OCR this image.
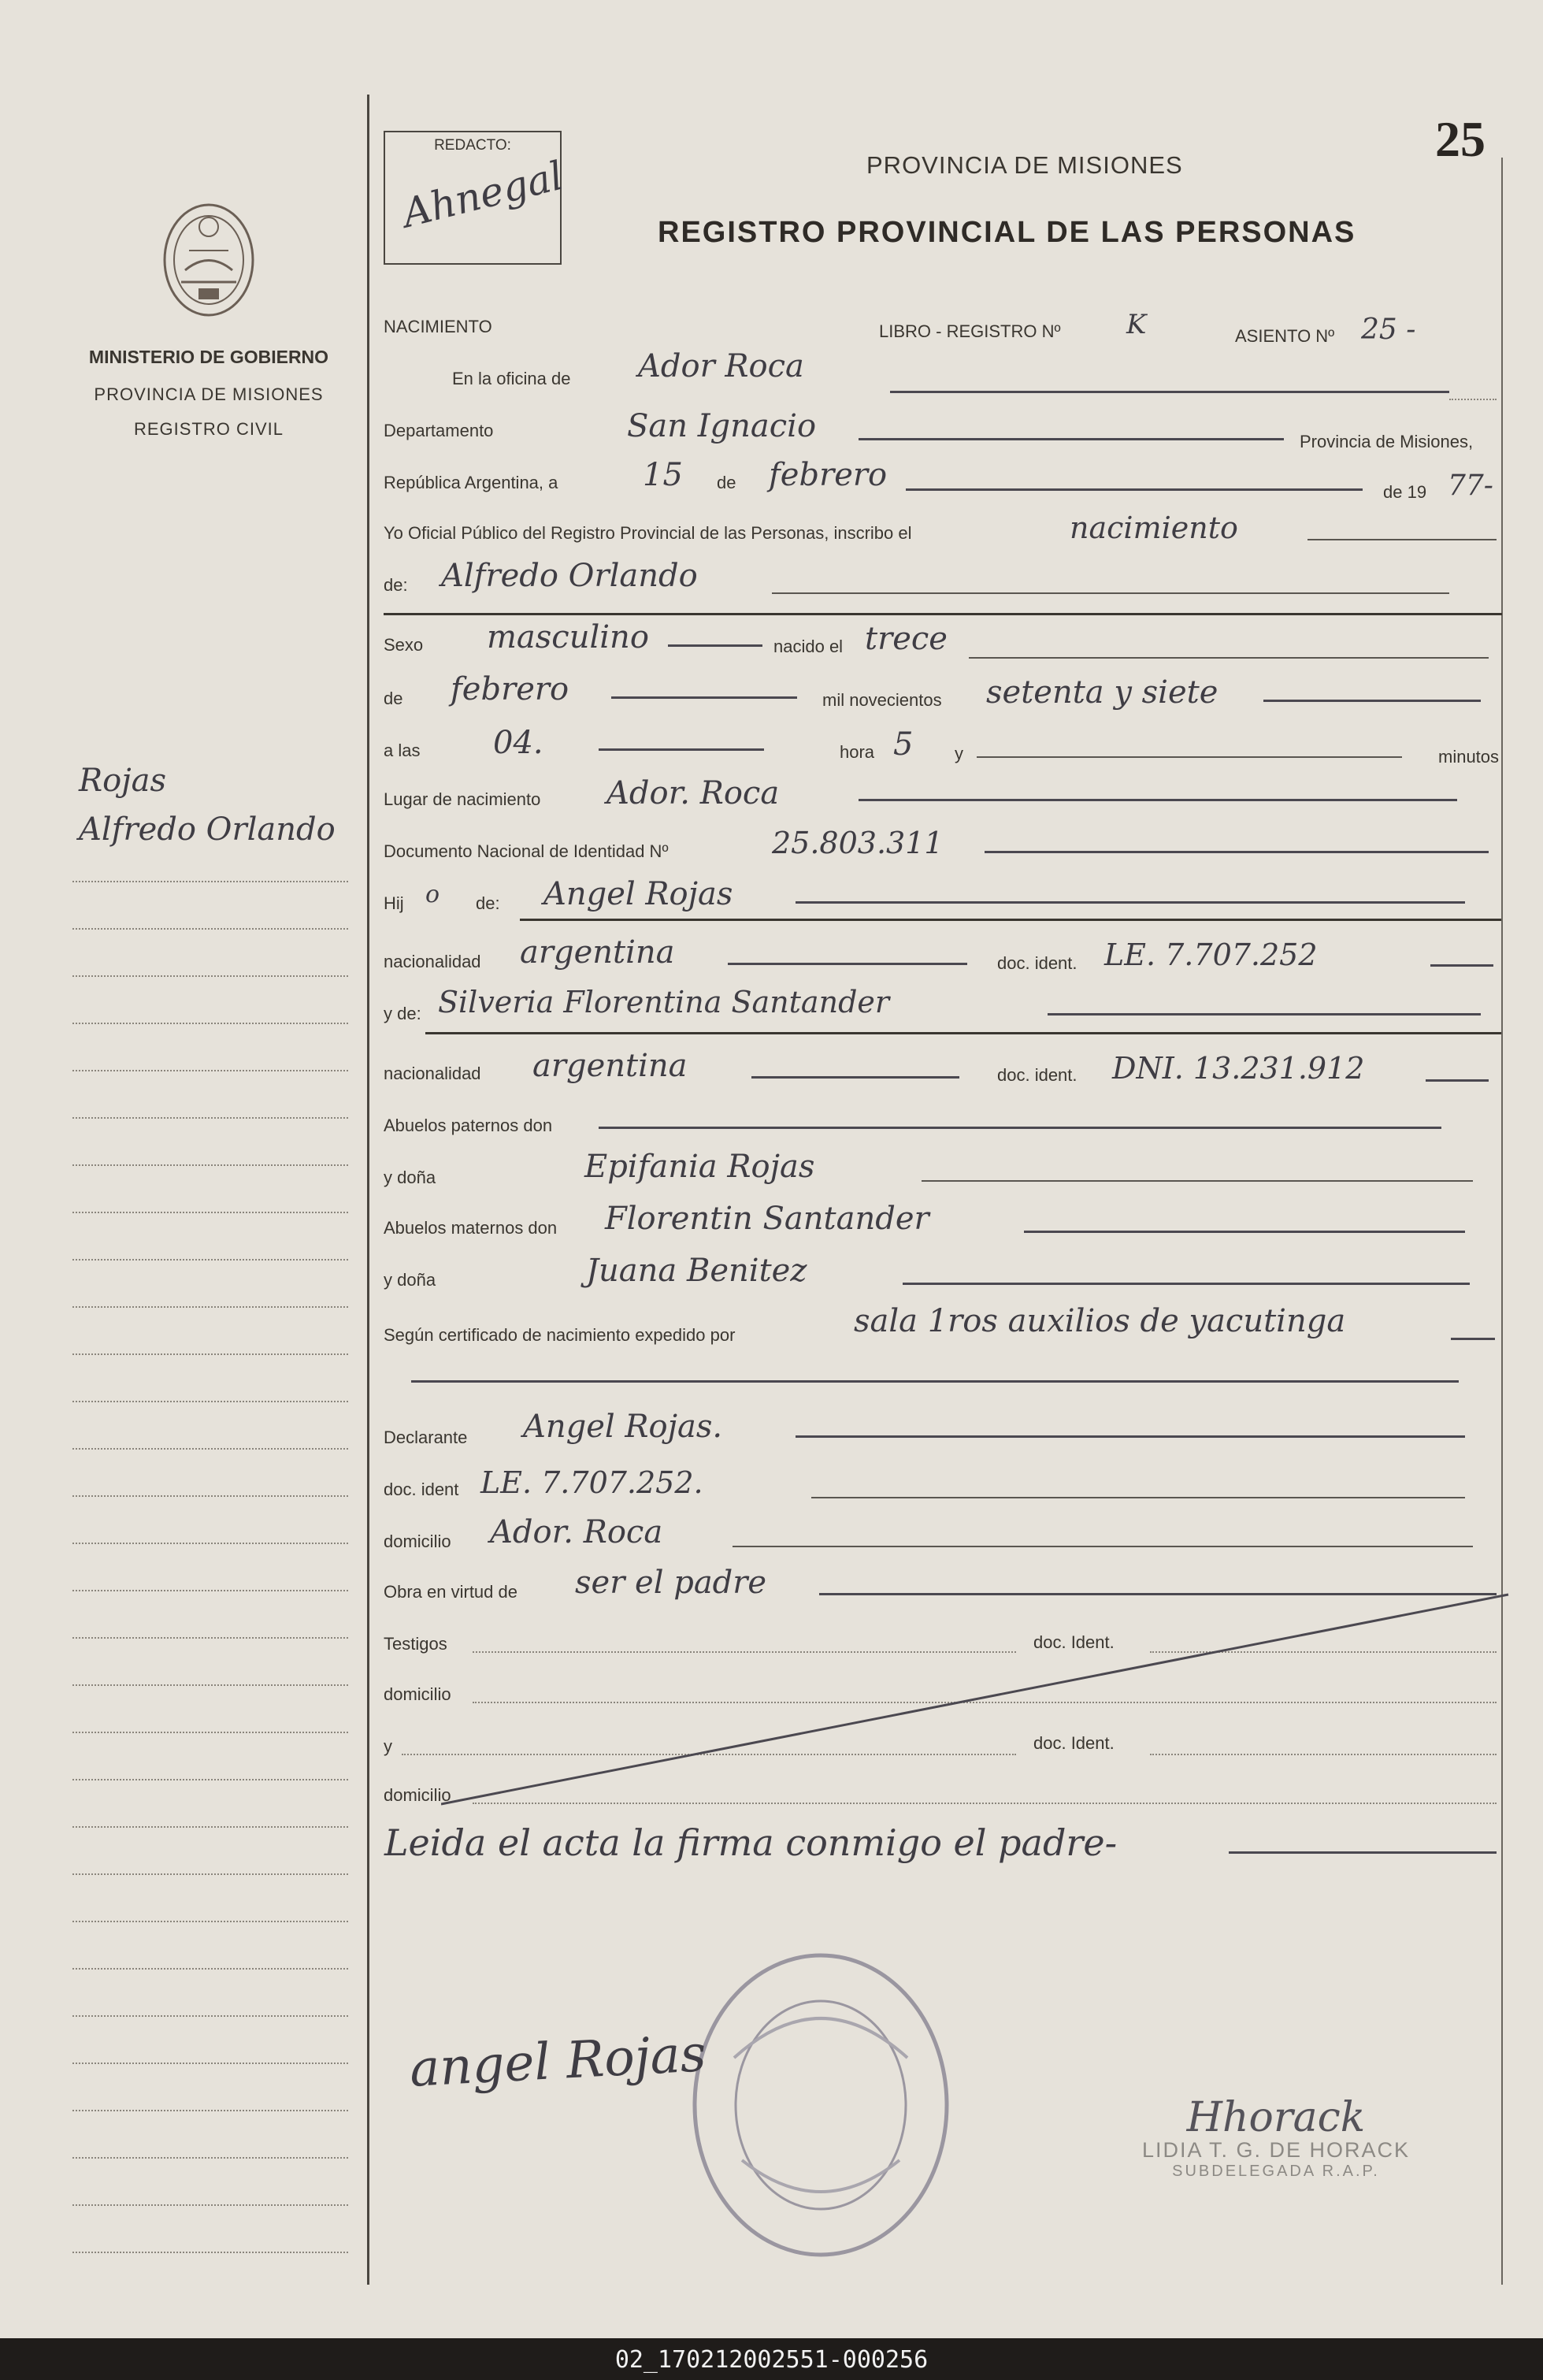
25
REDACTO:
Ahnegal	PROVINCIA DE MISIONES
REGISTRO PROVINCIAL DE LAS PERSONAS
MINISTERIO DE GOBIERNO
PROVINCIA DE MISIONES
REGISTRO CIVIL
Rojas
Alfredo Orlando
NACIMIENTO	LIBRO - REGISTRO Nº K	ASIENTO Nº 25 -
En la oficina de Ador Roca
Departamento	San Ignacio	Provincia de Misiones,
República Argentina, a	15 de febrero	de 19 77-
Yo Oficial Público del Registro Provincial de las Personas, inscribo el	nacimiento
de: Alfredo Orlando
Sexo masculino	nacido el trece
de febrero	mil novecientos setenta y siete
a las 04.	hora 5 y	minutos
Lugar de nacimiento Ador. Roca
Documento Nacional de Identidad Nº	25.803.311
Hij o de: Angel Rojas
nacionalidad argentina	doc. ident. LE. 7.707.252
y de: Silveria Florentina Santander
nacionalidad argentina	doc. ident. DNI. 13.231.912
Abuelos paternos don
y doña	Epifania Rojas
Abuelos maternos don Florentin Santander
y doña	Juana Benitez
Según certificado de nacimiento expedido por	sala 1ros auxilios de yacutinga
Declarante Angel Rojas.
doc. ident LE. 7.707.252.
domicilio Ador. Roca
Obra en virtud de ser el padre
Testigos	doc. Ident.
domicilio
y	doc. Ident.
domicilio
Leida el acta la firma conmigo el padre-
angel Rojas
Hhorack
LIDIA T. G. DE HORACK
SUBDELEGADA R.A.P.
02_170212002551-000256
